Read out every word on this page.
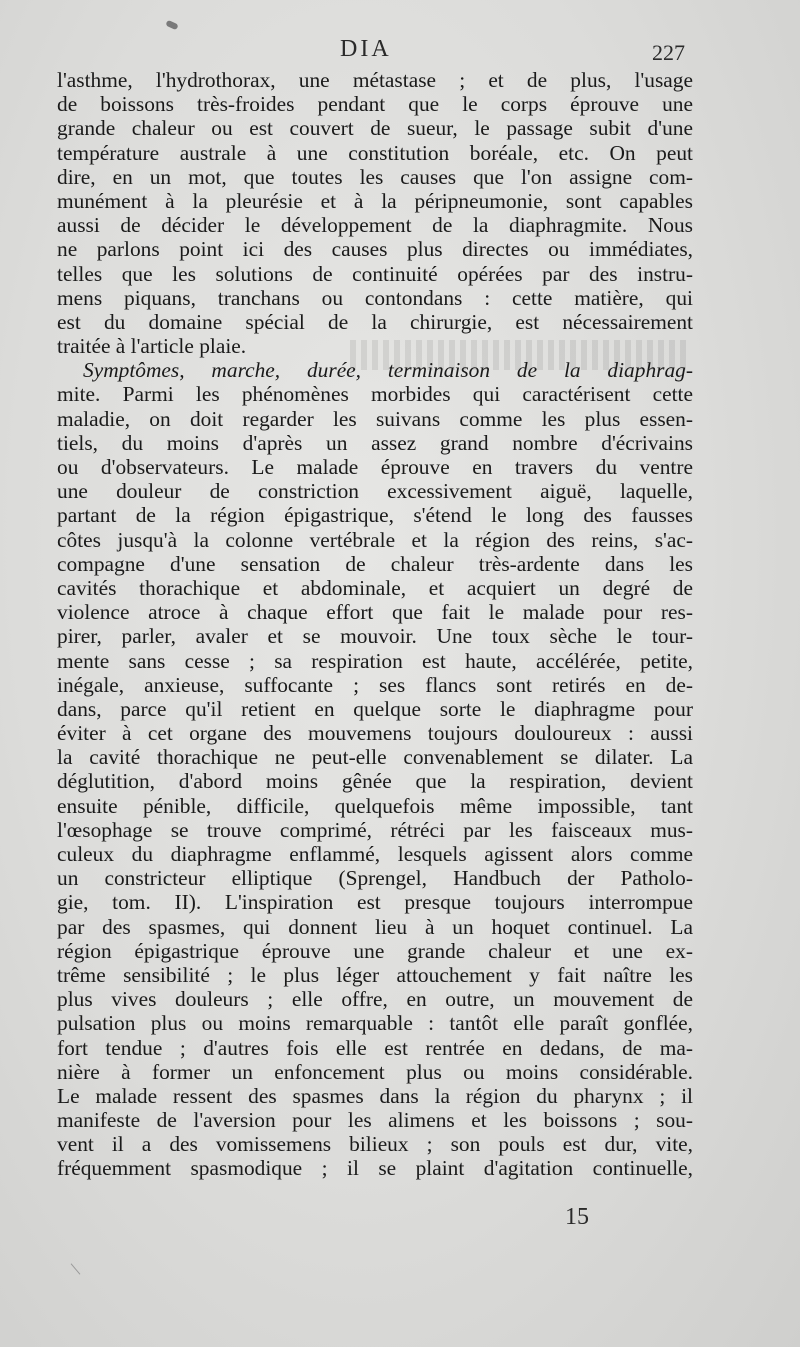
DIA	227
l'asthme, l'hydrothorax, une métastase ; et de plus, l'usage
de boissons très-froides pendant que le corps éprouve une
grande chaleur ou est couvert de sueur, le passage subit d'une
température australe à une constitution boréale, etc. On peut
dire, en un mot, que toutes les causes que l'on assigne com-
munément à la pleurésie et à la péripneumonie, sont capables
aussi de décider le développement de la diaphragmite. Nous
ne parlons point ici des causes plus directes ou immédiates,
telles que les solutions de continuité opérées par des instru-
mens piquans, tranchans ou contondans : cette matière, qui
est du domaine spécial de la chirurgie, est nécessairement
traitée à l'article plaie.
Symptômes, marche, durée, terminaison de la diaphrag-
mite. Parmi les phénomènes morbides qui caractérisent cette
maladie, on doit regarder les suivans comme les plus essen-
tiels, du moins d'après un assez grand nombre d'écrivains
ou d'observateurs. Le malade éprouve en travers du ventre
une douleur de constriction excessivement aiguë, laquelle,
partant de la région épigastrique, s'étend le long des fausses
côtes jusqu'à la colonne vertébrale et la région des reins, s'ac-
compagne d'une sensation de chaleur très-ardente dans les
cavités thorachique et abdominale, et acquiert un degré de
violence atroce à chaque effort que fait le malade pour res-
pirer, parler, avaler et se mouvoir. Une toux sèche le tour-
mente sans cesse ; sa respiration est haute, accélérée, petite,
inégale, anxieuse, suffocante ; ses flancs sont retirés en de-
dans, parce qu'il retient en quelque sorte le diaphragme pour
éviter à cet organe des mouvemens toujours douloureux : aussi
la cavité thorachique ne peut-elle convenablement se dilater. La
déglutition, d'abord moins gênée que la respiration, devient
ensuite pénible, difficile, quelquefois même impossible, tant
l'œsophage se trouve comprimé, rétréci par les faisceaux mus-
culeux du diaphragme enflammé, lesquels agissent alors comme
un constricteur elliptique (Sprengel, Handbuch der Patholo-
gie, tom. II). L'inspiration est presque toujours interrompue
par des spasmes, qui donnent lieu à un hoquet continuel. La
région épigastrique éprouve une grande chaleur et une ex-
trême sensibilité ; le plus léger attouchement y fait naître les
plus vives douleurs ; elle offre, en outre, un mouvement de
pulsation plus ou moins remarquable : tantôt elle paraît gonflée,
fort tendue ; d'autres fois elle est rentrée en dedans, de ma-
nière à former un enfoncement plus ou moins considérable.
Le malade ressent des spasmes dans la région du pharynx ; il
manifeste de l'aversion pour les alimens et les boissons ; sou-
vent il a des vomissemens bilieux ; son pouls est dur, vite,
fréquemment spasmodique ; il se plaint d'agitation continuelle,
15
